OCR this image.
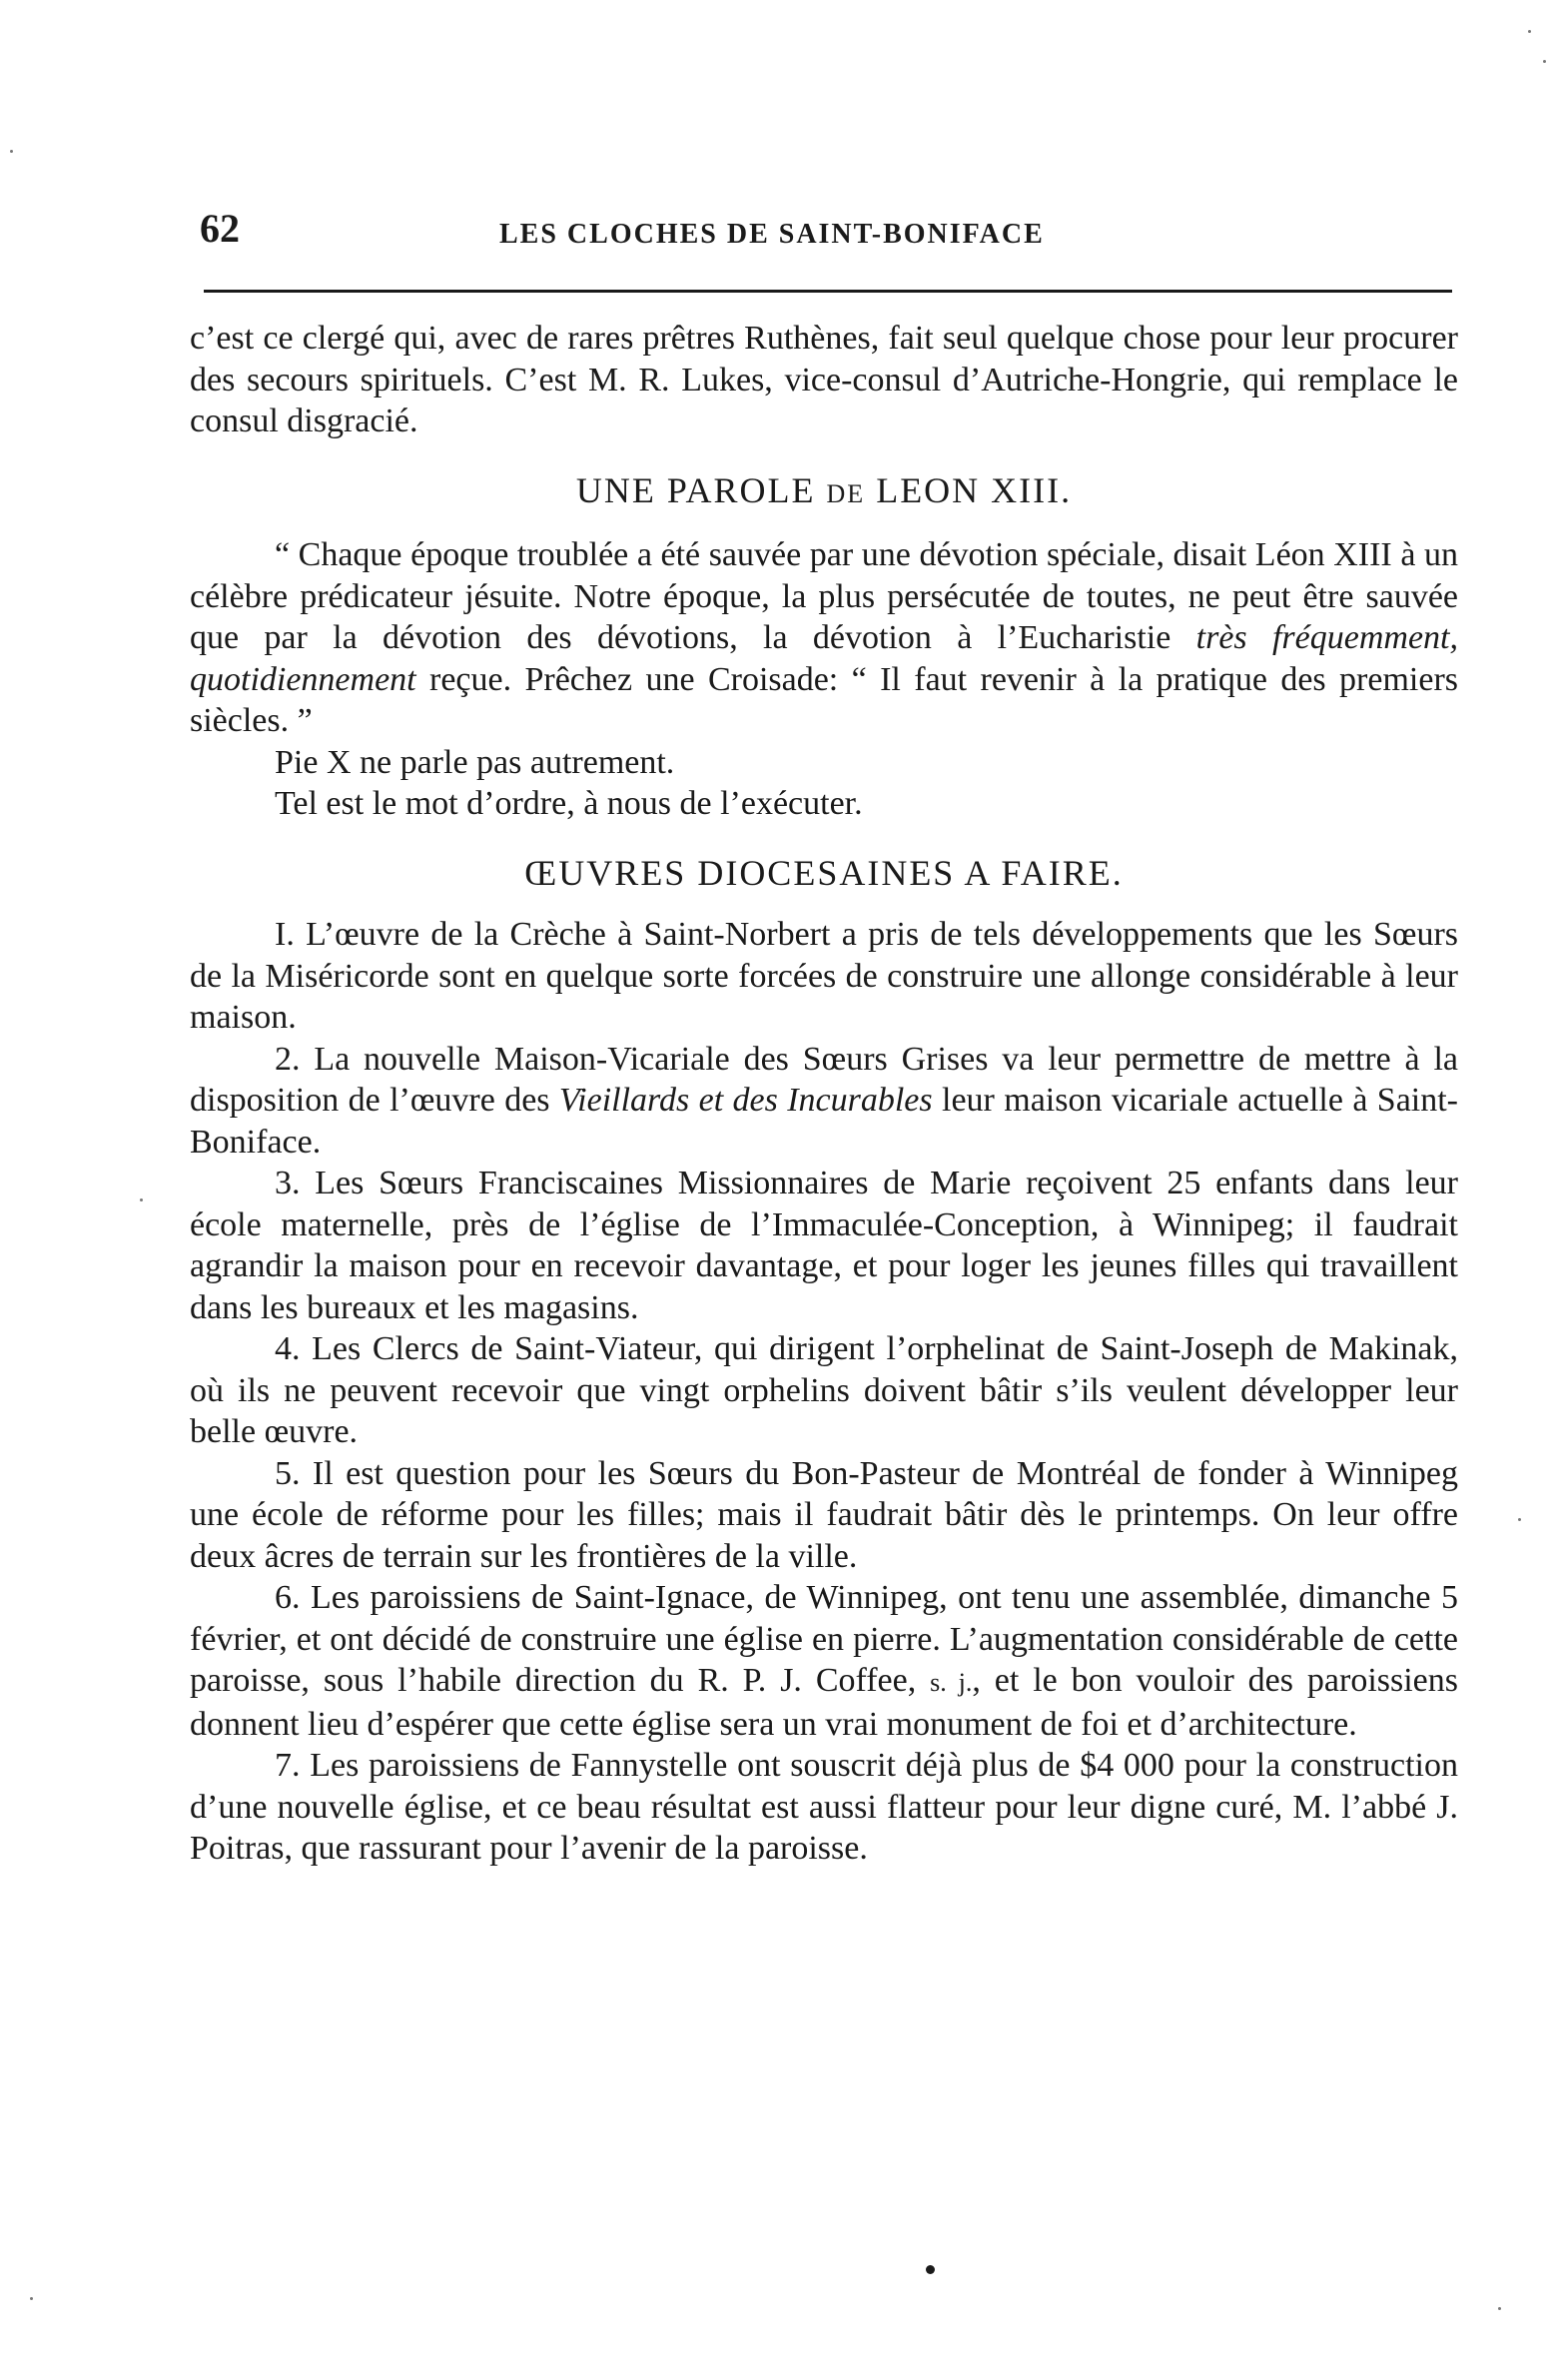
62	LES CLOCHES DE SAINT-BONIFACE

c’est ce clergé qui, avec de rares prêtres Ruthènes, fait seul quelque chose pour leur procurer des secours spirituels. C’est M. R. Lukes, vice-consul d’Autriche-Hongrie, qui remplace le consul disgracié.

UNE PAROLE DE LEON XIII.

“ Chaque époque troublée a été sauvée par une dévotion spéciale, disait Léon XIII à un célèbre prédicateur jésuite. Notre époque, la plus persécutée de toutes, ne peut être sauvée que par la dévotion des dévotions, la dévotion à l’Eucharistie très fréquemment, quotidiennement reçue. Prêchez une Croisade: “ Il faut revenir à la pratique des premiers siècles. ”

Pie X ne parle pas autrement.

Tel est le mot d’ordre, à nous de l’exécuter.

ŒUVRES DIOCESAINES A FAIRE.

I. L’œuvre de la Crèche à Saint-Norbert a pris de tels développements que les Sœurs de la Miséricorde sont en quelque sorte forcées de construire une allonge considérable à leur maison.

2. La nouvelle Maison-Vicariale des Sœurs Grises va leur permettre de mettre à la disposition de l’œuvre des Vieillards et des Incurables leur maison vicariale actuelle à Saint-Boniface.

3. Les Sœurs Franciscaines Missionnaires de Marie reçoivent 25 enfants dans leur école maternelle, près de l’église de l’Immaculée-Conception, à Winnipeg; il faudrait agrandir la maison pour en recevoir davantage, et pour loger les jeunes filles qui travaillent dans les bureaux et les magasins.

4. Les Clercs de Saint-Viateur, qui dirigent l’orphelinat de Saint-Joseph de Makinak, où ils ne peuvent recevoir que vingt orphelins doivent bâtir s’ils veulent développer leur belle œuvre.

5. Il est question pour les Sœurs du Bon-Pasteur de Montréal de fonder à Winnipeg une école de réforme pour les filles; mais il faudrait bâtir dès le printemps. On leur offre deux âcres de terrain sur les frontières de la ville.

6. Les paroissiens de Saint-Ignace, de Winnipeg, ont tenu une assemblée, dimanche 5 février, et ont décidé de construire une église en pierre. L’augmentation considérable de cette paroisse, sous l’habile direction du R. P. J. Coffee, s. j., et le bon vouloir des paroissiens donnent lieu d’espérer que cette église sera un vrai monument de foi et d’architecture.

7. Les paroissiens de Fannystelle ont souscrit déjà plus de $4 000 pour la construction d’une nouvelle église, et ce beau résultat est aussi flatteur pour leur digne curé, M. l’abbé J. Poitras, que rassurant pour l’avenir de la paroisse.
